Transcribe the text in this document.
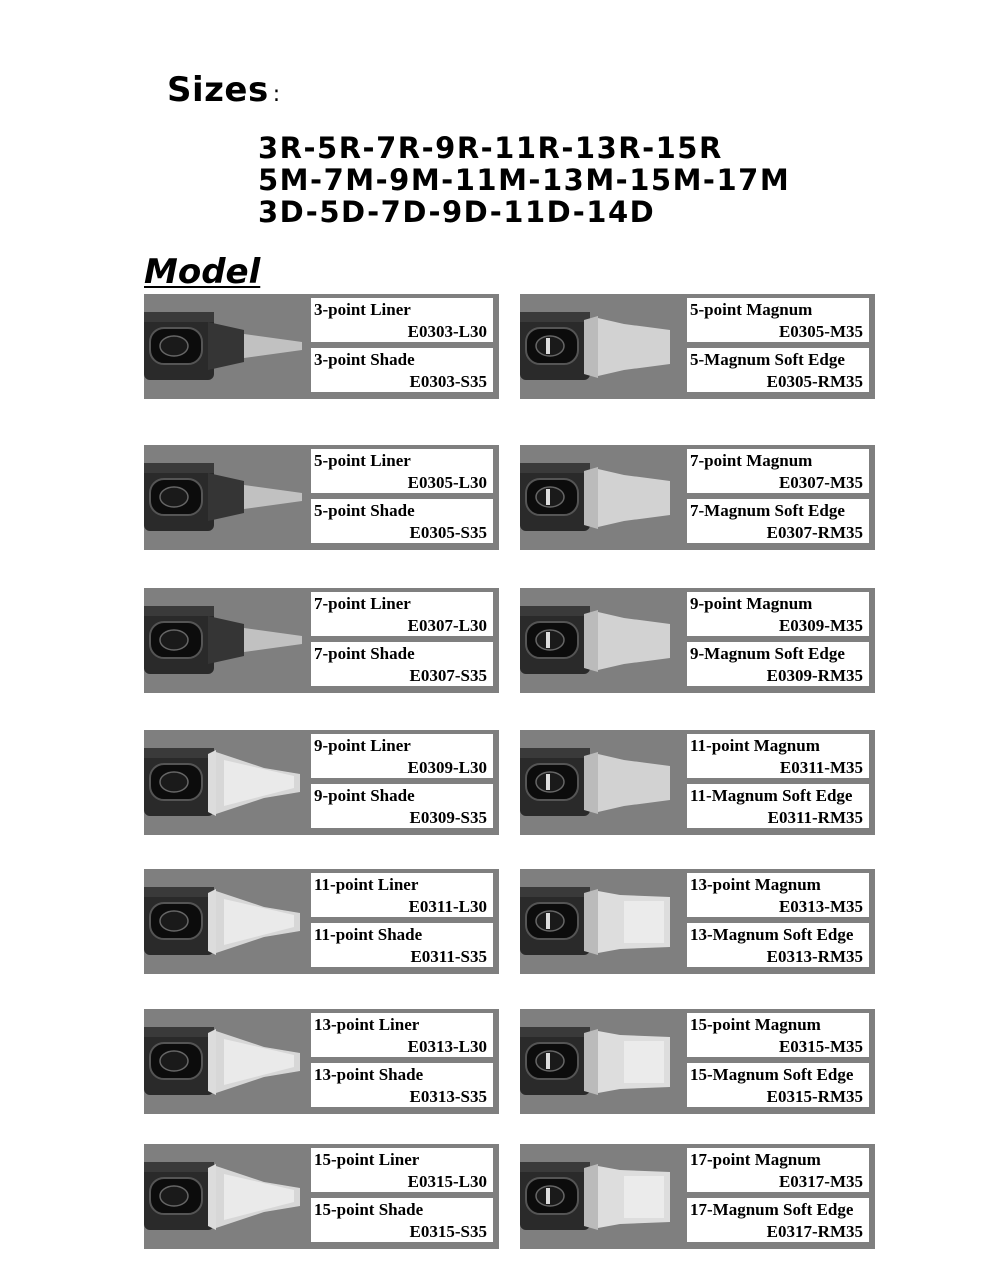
Sizes :
3R-5R-7R-9R-11R-13R-15R
5M-7M-9M-11M-13M-15M-17M
3D-5D-7D-9D-11D-14D
Model
3-point Liner
E0303-L30
3-point Shade
E0303-S35
5-point Magnum
E0305-M35
5-Magnum Soft Edge
E0305-RM35
5-point Liner
E0305-L30
5-point Shade
E0305-S35
7-point Magnum
E0307-M35
7-Magnum Soft Edge
E0307-RM35
7-point Liner
E0307-L30
7-point Shade
E0307-S35
9-point Magnum
E0309-M35
9-Magnum Soft Edge
E0309-RM35
9-point Liner
E0309-L30
9-point Shade
E0309-S35
11-point Magnum
E0311-M35
11-Magnum Soft Edge
E0311-RM35
11-point Liner
E0311-L30
11-point Shade
E0311-S35
13-point Magnum
E0313-M35
13-Magnum Soft Edge
E0313-RM35
13-point Liner
E0313-L30
13-point Shade
E0313-S35
15-point Magnum
E0315-M35
15-Magnum Soft Edge
E0315-RM35
15-point Liner
E0315-L30
15-point Shade
E0315-S35
17-point Magnum
E0317-M35
17-Magnum Soft Edge
E0317-RM35
